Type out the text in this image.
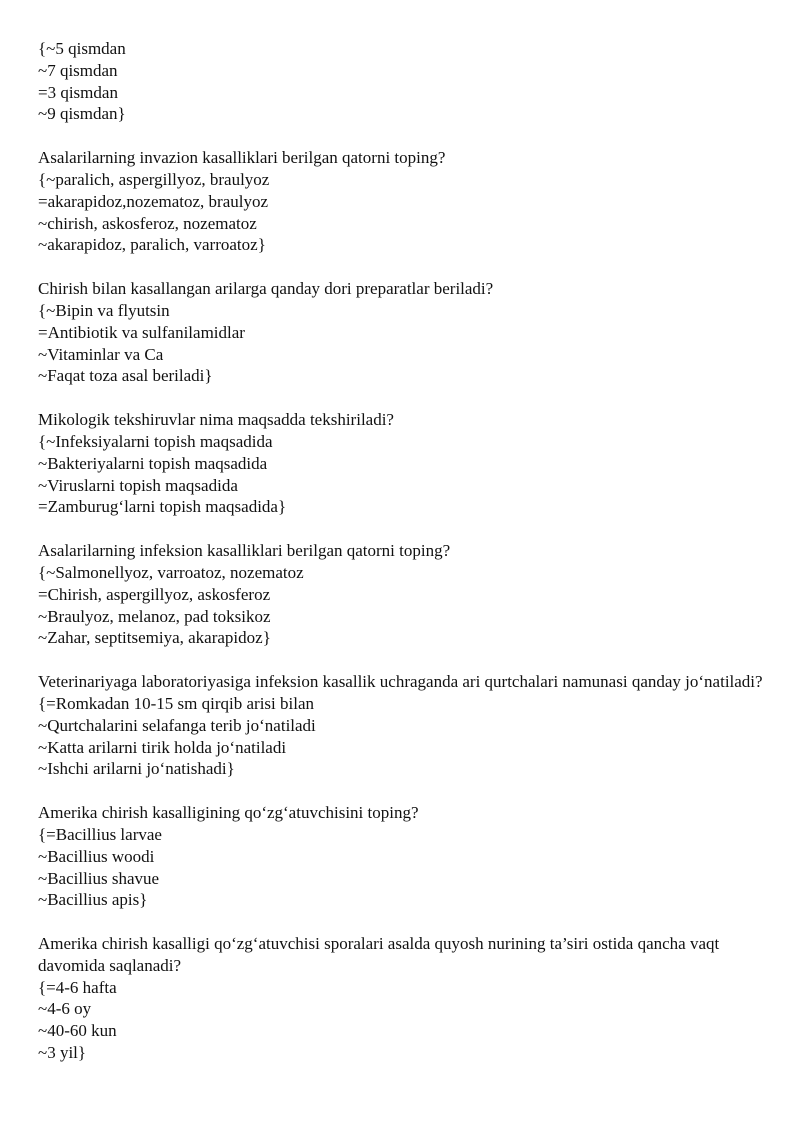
{~5 qismdan
~7 qismdan
=3 qismdan
~9 qismdan}
Asalarilarning invazion kasalliklari berilgan qatorni toping?
{~paralich, aspergillyoz, braulyoz
=akarapidoz,nozematoz, braulyoz
~chirish, askosferoz, nozematoz
~akarapidoz, paralich, varroatoz}
Chirish bilan kasallangan arilarga qanday dori preparatlar beriladi?
{~Bipin va flyutsin
=Antibiotik va sulfanilamidlar
~Vitaminlar va Ca
~Faqat toza asal beriladi}
Mikologik tekshiruvlar nima maqsadda tekshiriladi?
{~Infeksiyalarni topish maqsadida
~Bakteriyalarni topish maqsadida
~Viruslarni topish maqsadida
=Zamburug‘larni topish maqsadida}
Asalarilarning infeksion kasalliklari berilgan qatorni toping?
{~Salmonellyoz, varroatoz, nozematoz
=Chirish, aspergillyoz, askosferoz
~Braulyoz, melanoz, pad toksikoz
~Zahar, septitsemiya, akarapidoz}
Veterinariyaga laboratoriyasiga infeksion kasallik uchraganda ari qurtchalari namunasi qanday jo‘natiladi?
{=Romkadan 10-15 sm qirqib arisi bilan
~Qurtchalarini selafanga terib jo‘natiladi
~Katta arilarni tirik holda jo‘natiladi
~Ishchi arilarni jo‘natishadi}
Amerika chirish kasalligining qo‘zg‘atuvchisini toping?
{=Bacillius larvae
~Bacillius woodi
~Bacillius shavue
~Bacillius apis}
Amerika chirish kasalligi qo‘zg‘atuvchisi sporalari asalda quyosh nurining ta’siri ostida qancha vaqt davomida saqlanadi?
{=4-6 hafta
~4-6 oy
~40-60 kun
~3 yil}
